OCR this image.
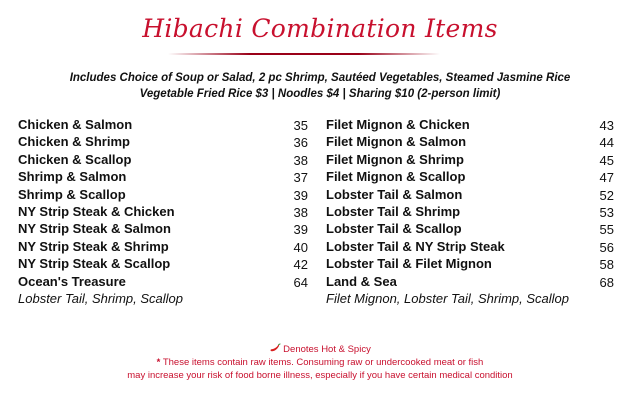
Hibachi Combination Items
Includes Choice of Soup or Salad, 2 pc Shrimp, Sautéed Vegetables, Steamed Jasmine Rice
Vegetable Fried Rice $3 | Noodles $4 | Sharing $10 (2-person limit)
Chicken & Salmon	35
Chicken & Shrimp	36
Chicken & Scallop	38
Shrimp & Salmon	37
Shrimp & Scallop	39
NY Strip Steak & Chicken	38
NY Strip Steak & Salmon	39
NY Strip Steak & Shrimp	40
NY Strip Steak & Scallop	42
Ocean's Treasure	64
Lobster Tail, Shrimp, Scallop
Filet Mignon & Chicken	43
Filet Mignon & Salmon	44
Filet Mignon & Shrimp	45
Filet Mignon & Scallop	47
Lobster Tail & Salmon	52
Lobster Tail & Shrimp	53
Lobster Tail & Scallop	55
Lobster Tail & NY Strip Steak	56
Lobster Tail & Filet Mignon	58
Land & Sea	68
Filet Mignon, Lobster Tail, Shrimp, Scallop
Denotes Hot & Spicy
* These items contain raw items. Consuming raw or undercooked meat or fish
may increase your risk of food borne illness, especially if you have certain medical condition
